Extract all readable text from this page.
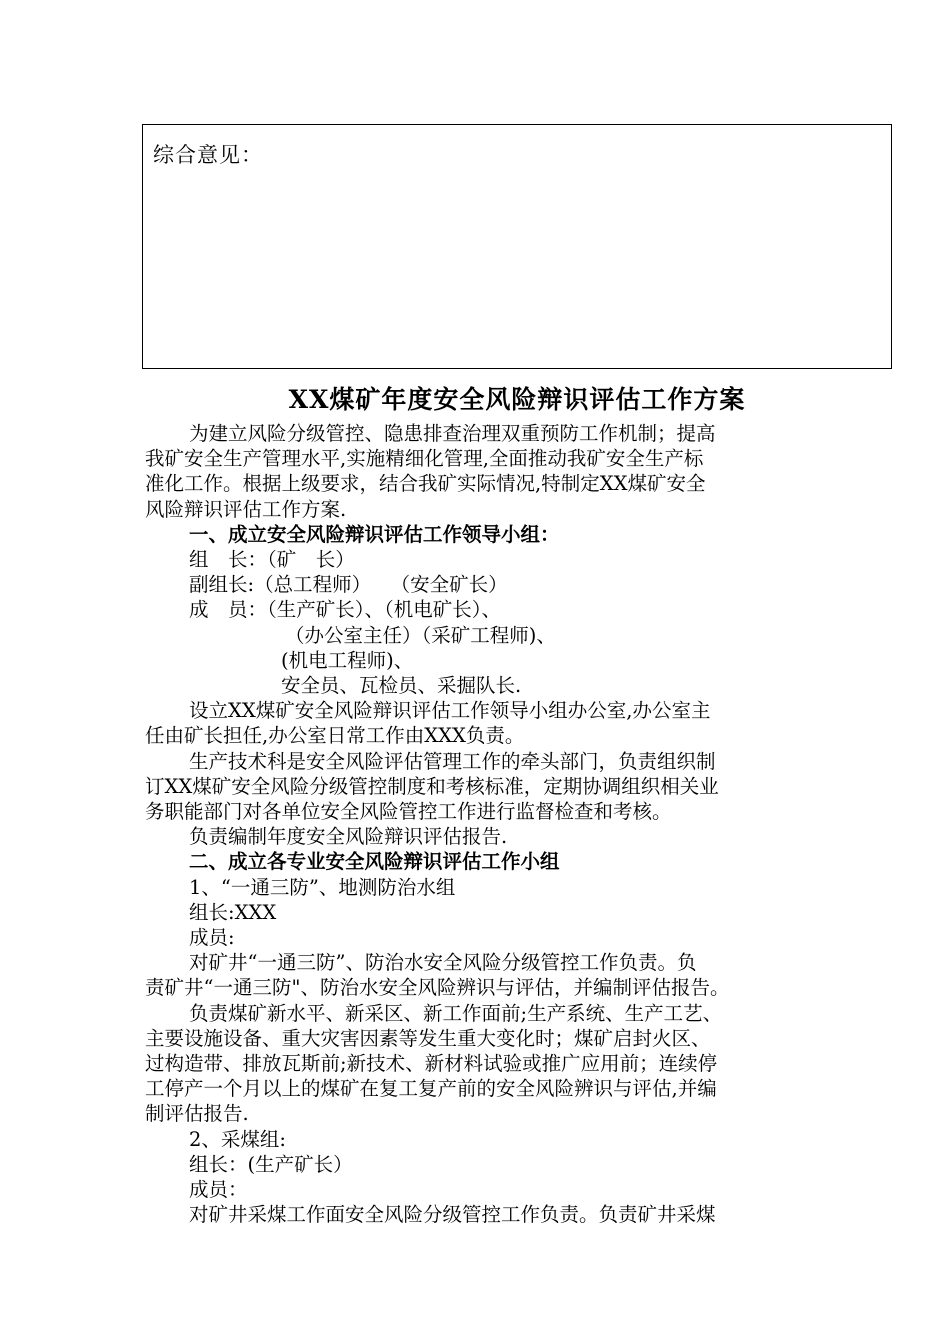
综合意见：
XX煤矿年度安全风险辩识评估工作方案
为建立风险分级管控、隐患排查治理双重预防工作机制；提高
我矿安全生产管理水平,实施精细化管理,全面推动我矿安全生产标
准化工作。根据上级要求，结合我矿实际情况,特制定XX煤矿安全
风险辩识评估工作方案.
一、成立安全风险辩识评估工作领导小组：
组　长：（矿　长）
副组长:（总工程师）　　（安全矿长）
成　员：（生产矿长）、（机电矿长）、
（办公室主任）（采矿工程师)、
(机电工程师)、
安全员、瓦检员、采掘队长.
设立XX煤矿安全风险辩识评估工作领导小组办公室,办公室主
任由矿长担任,办公室日常工作由XXX负责。
生产技术科是安全风险评估管理工作的牵头部门，负责组织制
订XX煤矿安全风险分级管控制度和考核标准，定期协调组织相关业
务职能部门对各单位安全风险管控工作进行监督检查和考核。
负责编制年度安全风险辩识评估报告.
二、成立各专业安全风险辩识评估工作小组
1、“一通三防”、地测防治水组
组长:XXX
成员:
对矿井“一通三防”、防治水安全风险分级管控工作负责。负
责矿井“一通三防"、防治水安全风险辨识与评估，并编制评估报告。
负责煤矿新水平、新采区、新工作面前;生产系统、生产工艺、
主要设施设备、重大灾害因素等发生重大变化时；煤矿启封火区、
过构造带、排放瓦斯前;新技术、新材料试验或推广应用前；连续停
工停产一个月以上的煤矿在复工复产前的安全风险辨识与评估,并编
制评估报告.
2、采煤组:
组长：(生产矿长）
成员：
对矿井采煤工作面安全风险分级管控工作负责。负责矿井采煤
